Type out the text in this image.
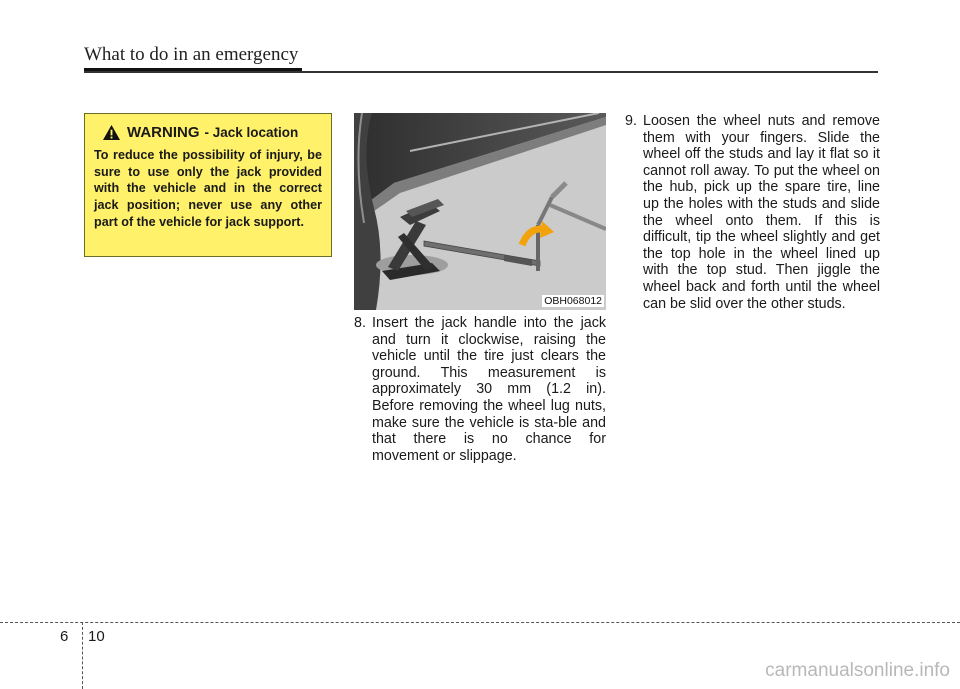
What to do in an emergency
WARNING - Jack location

To reduce the possibility of injury, be sure to use only the jack provided with the vehicle and in the correct jack position; never use any other part of the vehicle for jack support.

OBH068012

8. Insert the jack handle into the jack and turn it clockwise, raising the vehicle until the tire just clears the ground. This measurement is approximately 30 mm (1.2 in). Before removing the wheel lug nuts, make sure the vehicle is sta-ble and that there is no chance for movement or slippage.

9. Loosen the wheel nuts and remove them with your fingers. Slide the wheel off the studs and lay it flat so it cannot roll away. To put the wheel on the hub, pick up the spare tire, line up the holes with the studs and slide the wheel onto them. If this is difficult, tip the wheel slightly and get the top hole in the wheel lined up with the top stud. Then jiggle the wheel back and forth until the wheel can be slid over the other studs.

6 10
carmanualsonline.info
